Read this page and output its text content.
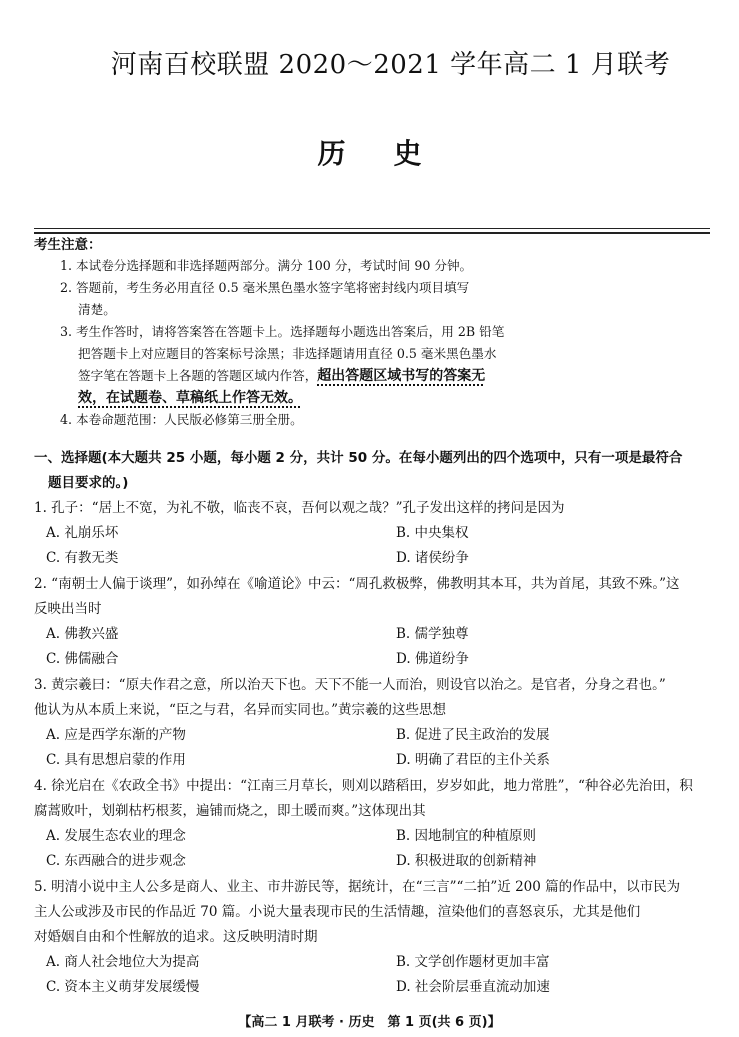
河南百校联盟 2020～2021 学年高二 1 月联考
历 史
考生注意：
1. 本试卷分选择题和非选择题两部分。满分 100 分，考试时间 90 分钟。
2. 答题前，考生务必用直径 0.5 毫米黑色墨水签字笔将密封线内项目填写
清楚。
3. 考生作答时，请将答案答在答题卡上。选择题每小题选出答案后，用 2B 铅笔
把答题卡上对应题目的答案标号涂黑；非选择题请用直径 0.5 毫米黑色墨水
签字笔在答题卡上各题的答题区域内作答，超出答题区域书写的答案无
效，在试题卷、草稿纸上作答无效。
4. 本卷命题范围：人民版必修第三册全册。
一、选择题(本大题共 25 小题，每小题 2 分，共计 50 分。在每小题列出的四个选项中，只有一项是最符合
题目要求的。)
1. 孔子：“居上不宽，为礼不敬，临丧不哀，吾何以观之哉？”孔子发出这样的拷问是因为
A. 礼崩乐坏	B. 中央集权
C. 有教无类	D. 诸侯纷争
2. “南朝士人偏于谈理”，如孙绰在《喻道论》中云：“周孔救极弊，佛教明其本耳，共为首尾，其致不殊。”这
反映出当时
A. 佛教兴盛	B. 儒学独尊
C. 佛儒融合	D. 佛道纷争
3. 黄宗羲曰：“原夫作君之意，所以治天下也。天下不能一人而治，则设官以治之。是官者，分身之君也。”
他认为从本质上来说，“臣之与君，名异而实同也。”黄宗羲的这些思想
A. 应是西学东渐的产物	B. 促进了民主政治的发展
C. 具有思想启蒙的作用	D. 明确了君臣的主仆关系
4. 徐光启在《农政全书》中提出：“江南三月草长，则刈以踏稻田，岁岁如此，地力常胜”，“种谷必先治田，积
腐蒿败叶，划剃枯朽根荄，遍铺而烧之，即土暖而爽。”这体现出其
A. 发展生态农业的理念	B. 因地制宜的种植原则
C. 东西融合的进步观念	D. 积极进取的创新精神
5. 明清小说中主人公多是商人、业主、市井游民等，据统计，在“三言”“二拍”近 200 篇的作品中，以市民为
主人公或涉及市民的作品近 70 篇。小说大量表现市民的生活情趣，渲染他们的喜怒哀乐，尤其是他们
对婚姻自由和个性解放的追求。这反映明清时期
A. 商人社会地位大为提高	B. 文学创作题材更加丰富
C. 资本主义萌芽发展缓慢	D. 社会阶层垂直流动加速
【高二 1 月联考 · 历史　第 1 页(共 6 页)】
